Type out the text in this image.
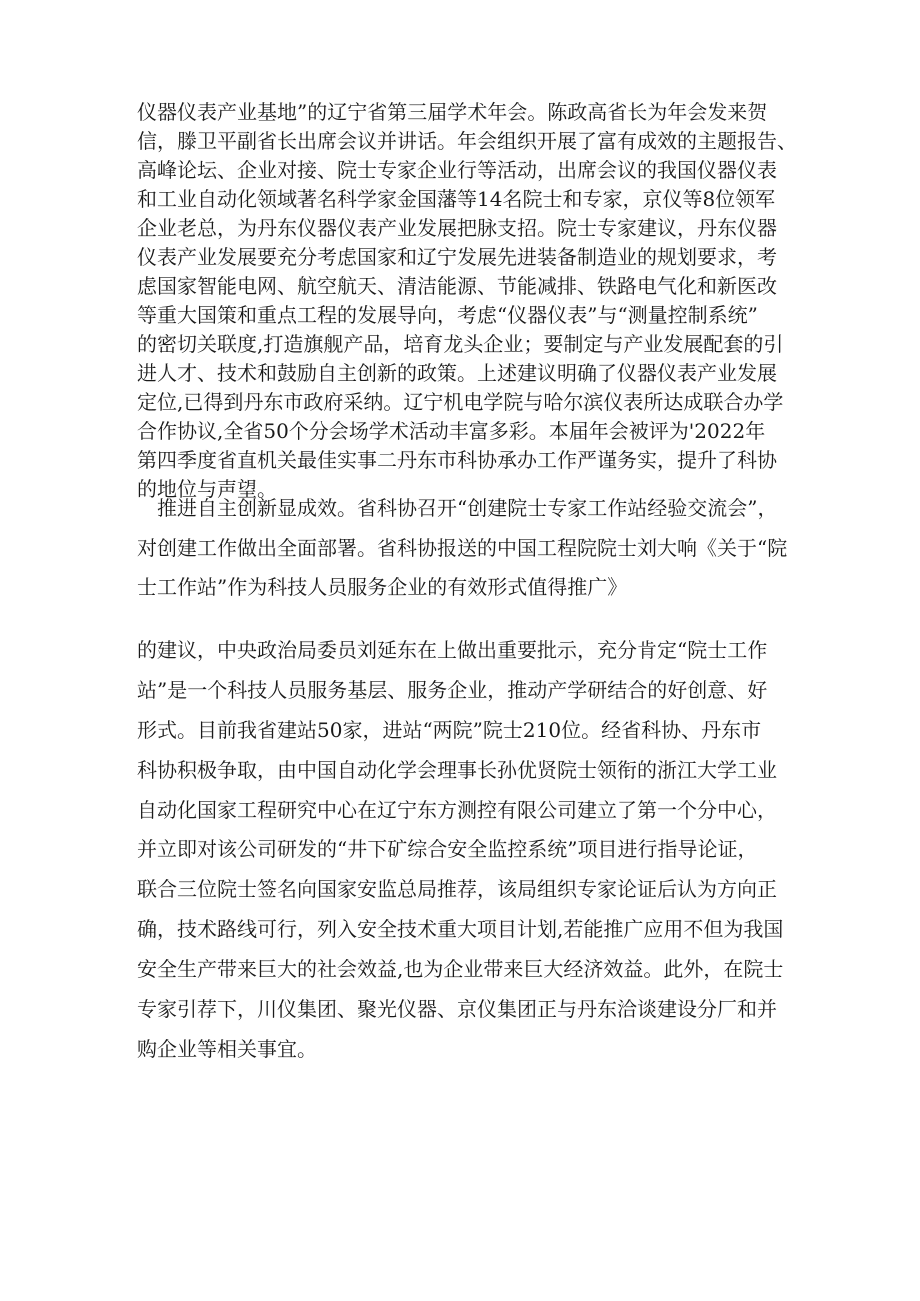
仪器仪表产业基地”的辽宁省第三届学术年会。陈政高省长为年会发来贺
信，滕卫平副省长出席会议并讲话。年会组织开展了富有成效的主题报告、
高峰论坛、企业对接、院士专家企业行等活动，出席会议的我国仪器仪表
和工业自动化领域著名科学家金国藩等14名院士和专家，京仪等8位领军
企业老总，为丹东仪器仪表产业发展把脉支招。院士专家建议，丹东仪器
仪表产业发展要充分考虑国家和辽宁发展先进装备制造业的规划要求，考
虑国家智能电网、航空航天、清洁能源、节能减排、铁路电气化和新医改
等重大国策和重点工程的发展导向，考虑“仪器仪表”与“测量控制系统”
的密切关联度,打造旗舰产品，培育龙头企业；要制定与产业发展配套的引
进人才、技术和鼓励自主创新的政策。上述建议明确了仪器仪表产业发展
定位,已得到丹东市政府采纳。辽宁机电学院与哈尔滨仪表所达成联合办学
合作协议,全省50个分会场学术活动丰富多彩。本届年会被评为'2022年
第四季度省直机关最佳实事二丹东市科协承办工作严谨务实，提升了科协
的地位与声望。
推进自主创新显成效。省科协召开“创建院士专家工作站经验交流会”，
对创建工作做出全面部署。省科协报送的中国工程院院士刘大响《关于“院
士工作站”作为科技人员服务企业的有效形式值得推广》
的建议，中央政治局委员刘延东在上做出重要批示，充分肯定“院士工作
站”是一个科技人员服务基层、服务企业，推动产学研结合的好创意、好
形式。目前我省建站50家，进站“两院”院士210位。经省科协、丹东市
科协积极争取，由中国自动化学会理事长孙优贤院士领衔的浙江大学工业
自动化国家工程研究中心在辽宁东方测控有限公司建立了第一个分中心，
并立即对该公司研发的“井下矿综合安全监控系统”项目进行指导论证，
联合三位院士签名向国家安监总局推荐，该局组织专家论证后认为方向正
确，技术路线可行，列入安全技术重大项目计划,若能推广应用不但为我国
安全生产带来巨大的社会效益,也为企业带来巨大经济效益。此外，在院士
专家引荐下，川仪集团、聚光仪器、京仪集团正与丹东洽谈建设分厂和并
购企业等相关事宜。
